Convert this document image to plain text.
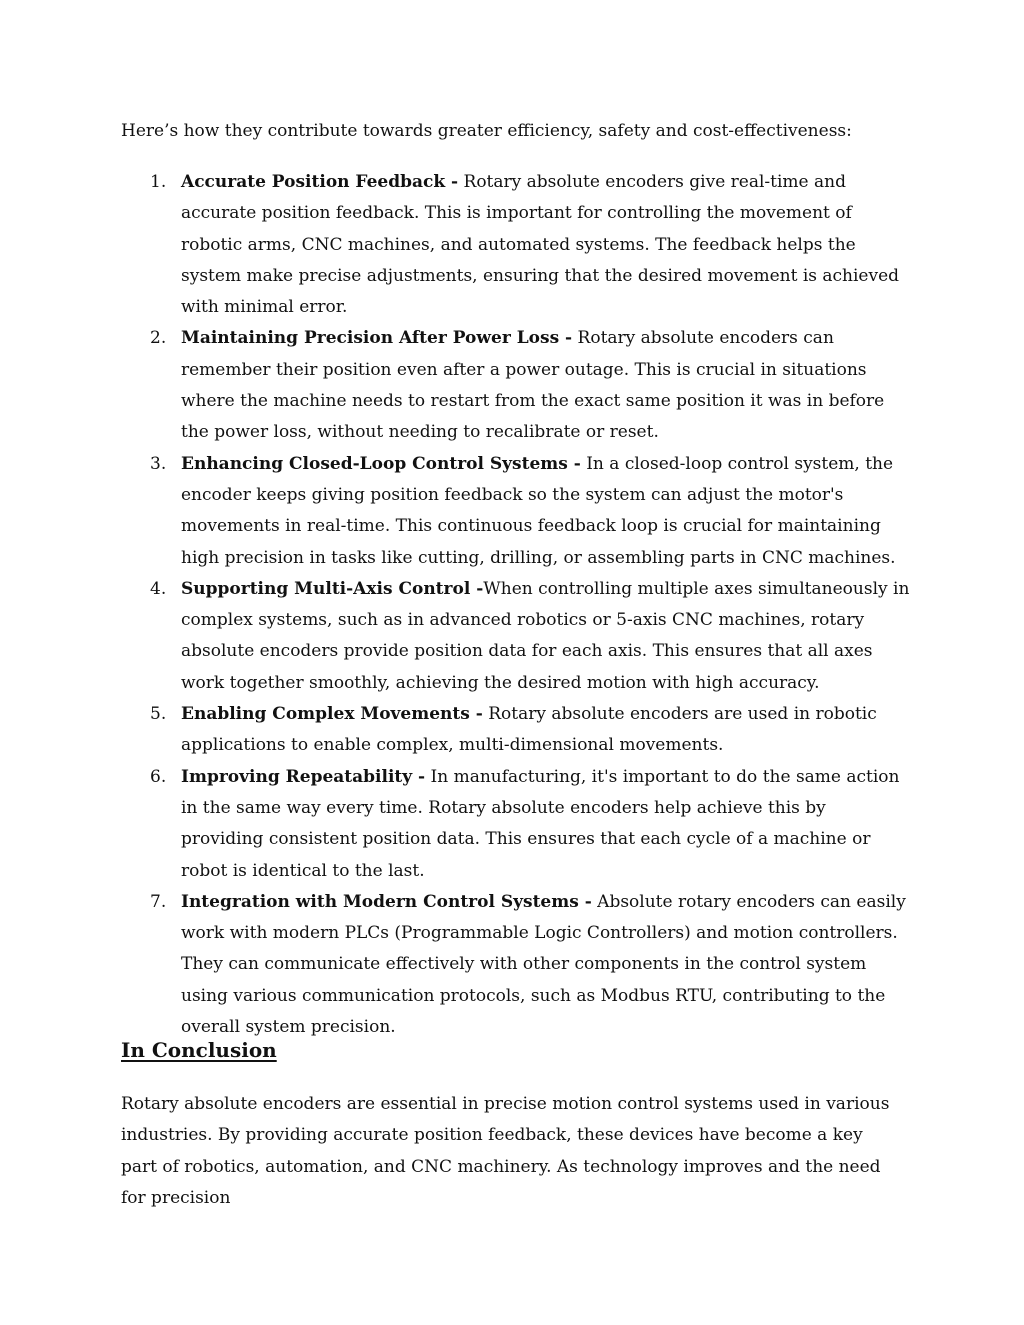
Here’s how they contribute towards greater efficiency, safety and cost-effectiveness:

1. Accurate Position Feedback - Rotary absolute encoders give real-time and accurate position feedback. This is important for controlling the movement of robotic arms, CNC machines, and automated systems. The feedback helps the system make precise adjustments, ensuring that the desired movement is achieved with minimal error.
2. Maintaining Precision After Power Loss - Rotary absolute encoders can remember their position even after a power outage. This is crucial in situations where the machine needs to restart from the exact same position it was in before the power loss, without needing to recalibrate or reset.
3. Enhancing Closed-Loop Control Systems - In a closed-loop control system, the encoder keeps giving position feedback so the system can adjust the motor's movements in real-time. This continuous feedback loop is crucial for maintaining high precision in tasks like cutting, drilling, or assembling parts in CNC machines.
4. Supporting Multi-Axis Control -When controlling multiple axes simultaneously in complex systems, such as in advanced robotics or 5-axis CNC machines, rotary absolute encoders provide position data for each axis. This ensures that all axes work together smoothly, achieving the desired motion with high accuracy.
5. Enabling Complex Movements - Rotary absolute encoders are used in robotic applications to enable complex, multi-dimensional movements.
6. Improving Repeatability - In manufacturing, it's important to do the same action in the same way every time. Rotary absolute encoders help achieve this by providing consistent position data. This ensures that each cycle of a machine or robot is identical to the last.
7. Integration with Modern Control Systems - Absolute rotary encoders can easily work with modern PLCs (Programmable Logic Controllers) and motion controllers. They can communicate effectively with other components in the control system using various communication protocols, such as Modbus RTU, contributing to the overall system precision.
In Conclusion

Rotary absolute encoders are essential in precise motion control systems used in various industries. By providing accurate position feedback, these devices have become a key part of robotics, automation, and CNC machinery. As technology improves and the need for precision
